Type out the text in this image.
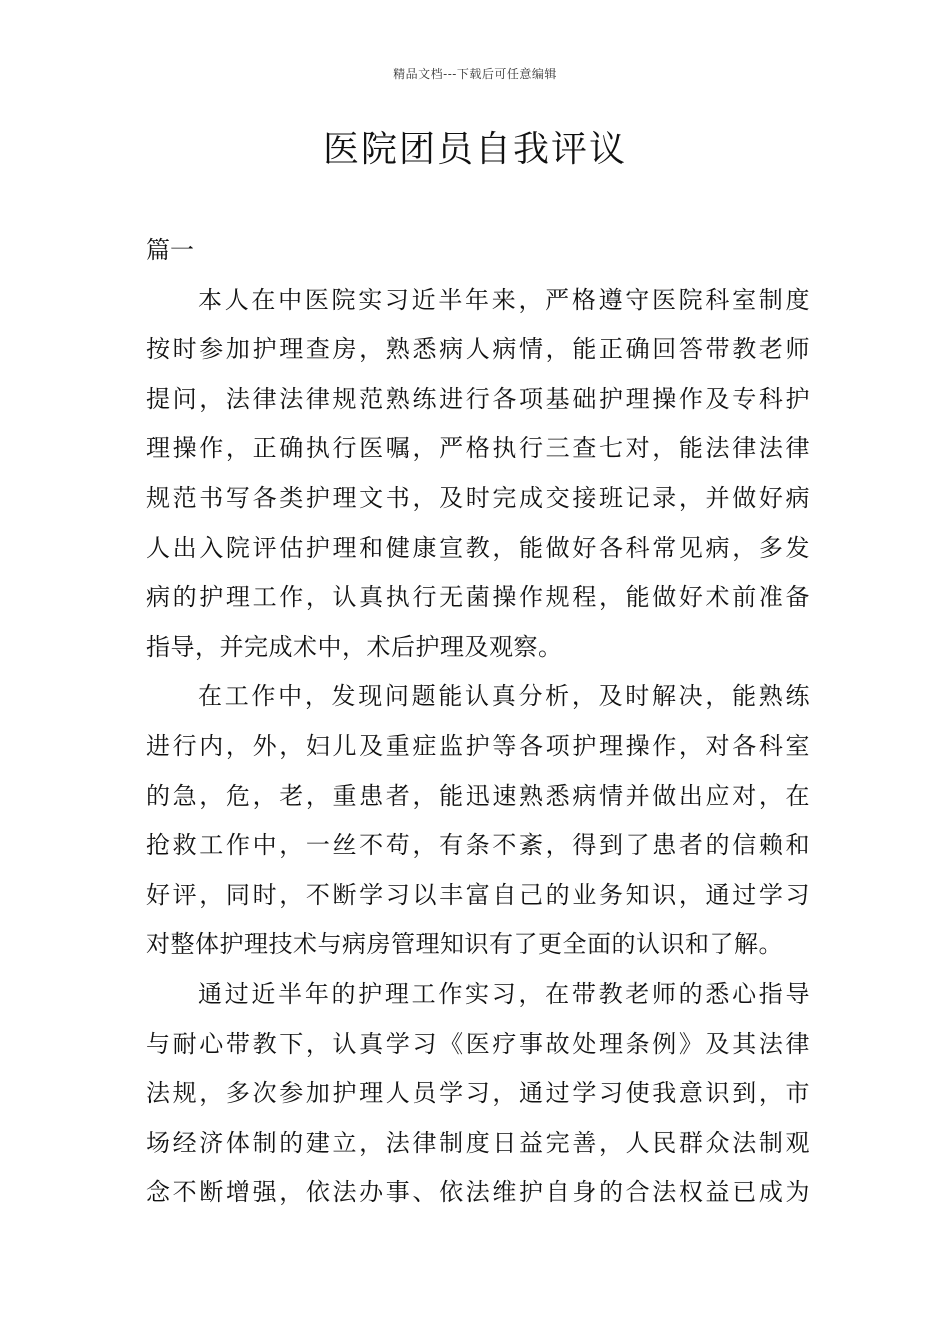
精品文档---下载后可任意编辑
医院团员自我评议

篇一

本人在中医院实习近半年来，严格遵守医院科室制度

按时参加护理查房，熟悉病人病情，能正确回答带教老师

提问，法律法律规范熟练进行各项基础护理操作及专科护

理操作，正确执行医嘱，严格执行三查七对，能法律法律

规范书写各类护理文书，及时完成交接班记录，并做好病

人出入院评估护理和健康宣教，能做好各科常见病，多发

病的护理工作，认真执行无菌操作规程，能做好术前准备

指导，并完成术中，术后护理及观察。

在工作中，发现问题能认真分析，及时解决，能熟练

进行内，外，妇儿及重症监护等各项护理操作，对各科室

的急，危，老，重患者，能迅速熟悉病情并做出应对，在

抢救工作中，一丝不苟，有条不紊，得到了患者的信赖和

好评，同时，不断学习以丰富自己的业务知识，通过学习

对整体护理技术与病房管理知识有了更全面的认识和了解。

通过近半年的护理工作实习，在带教老师的悉心指导

与耐心带教下，认真学习《医疗事故处理条例》及其法律

法规，多次参加护理人员学习，通过学习使我意识到，市

场经济体制的建立，法律制度日益完善，人民群众法制观

念不断增强，依法办事、依法维护自身的合法权益已成为
